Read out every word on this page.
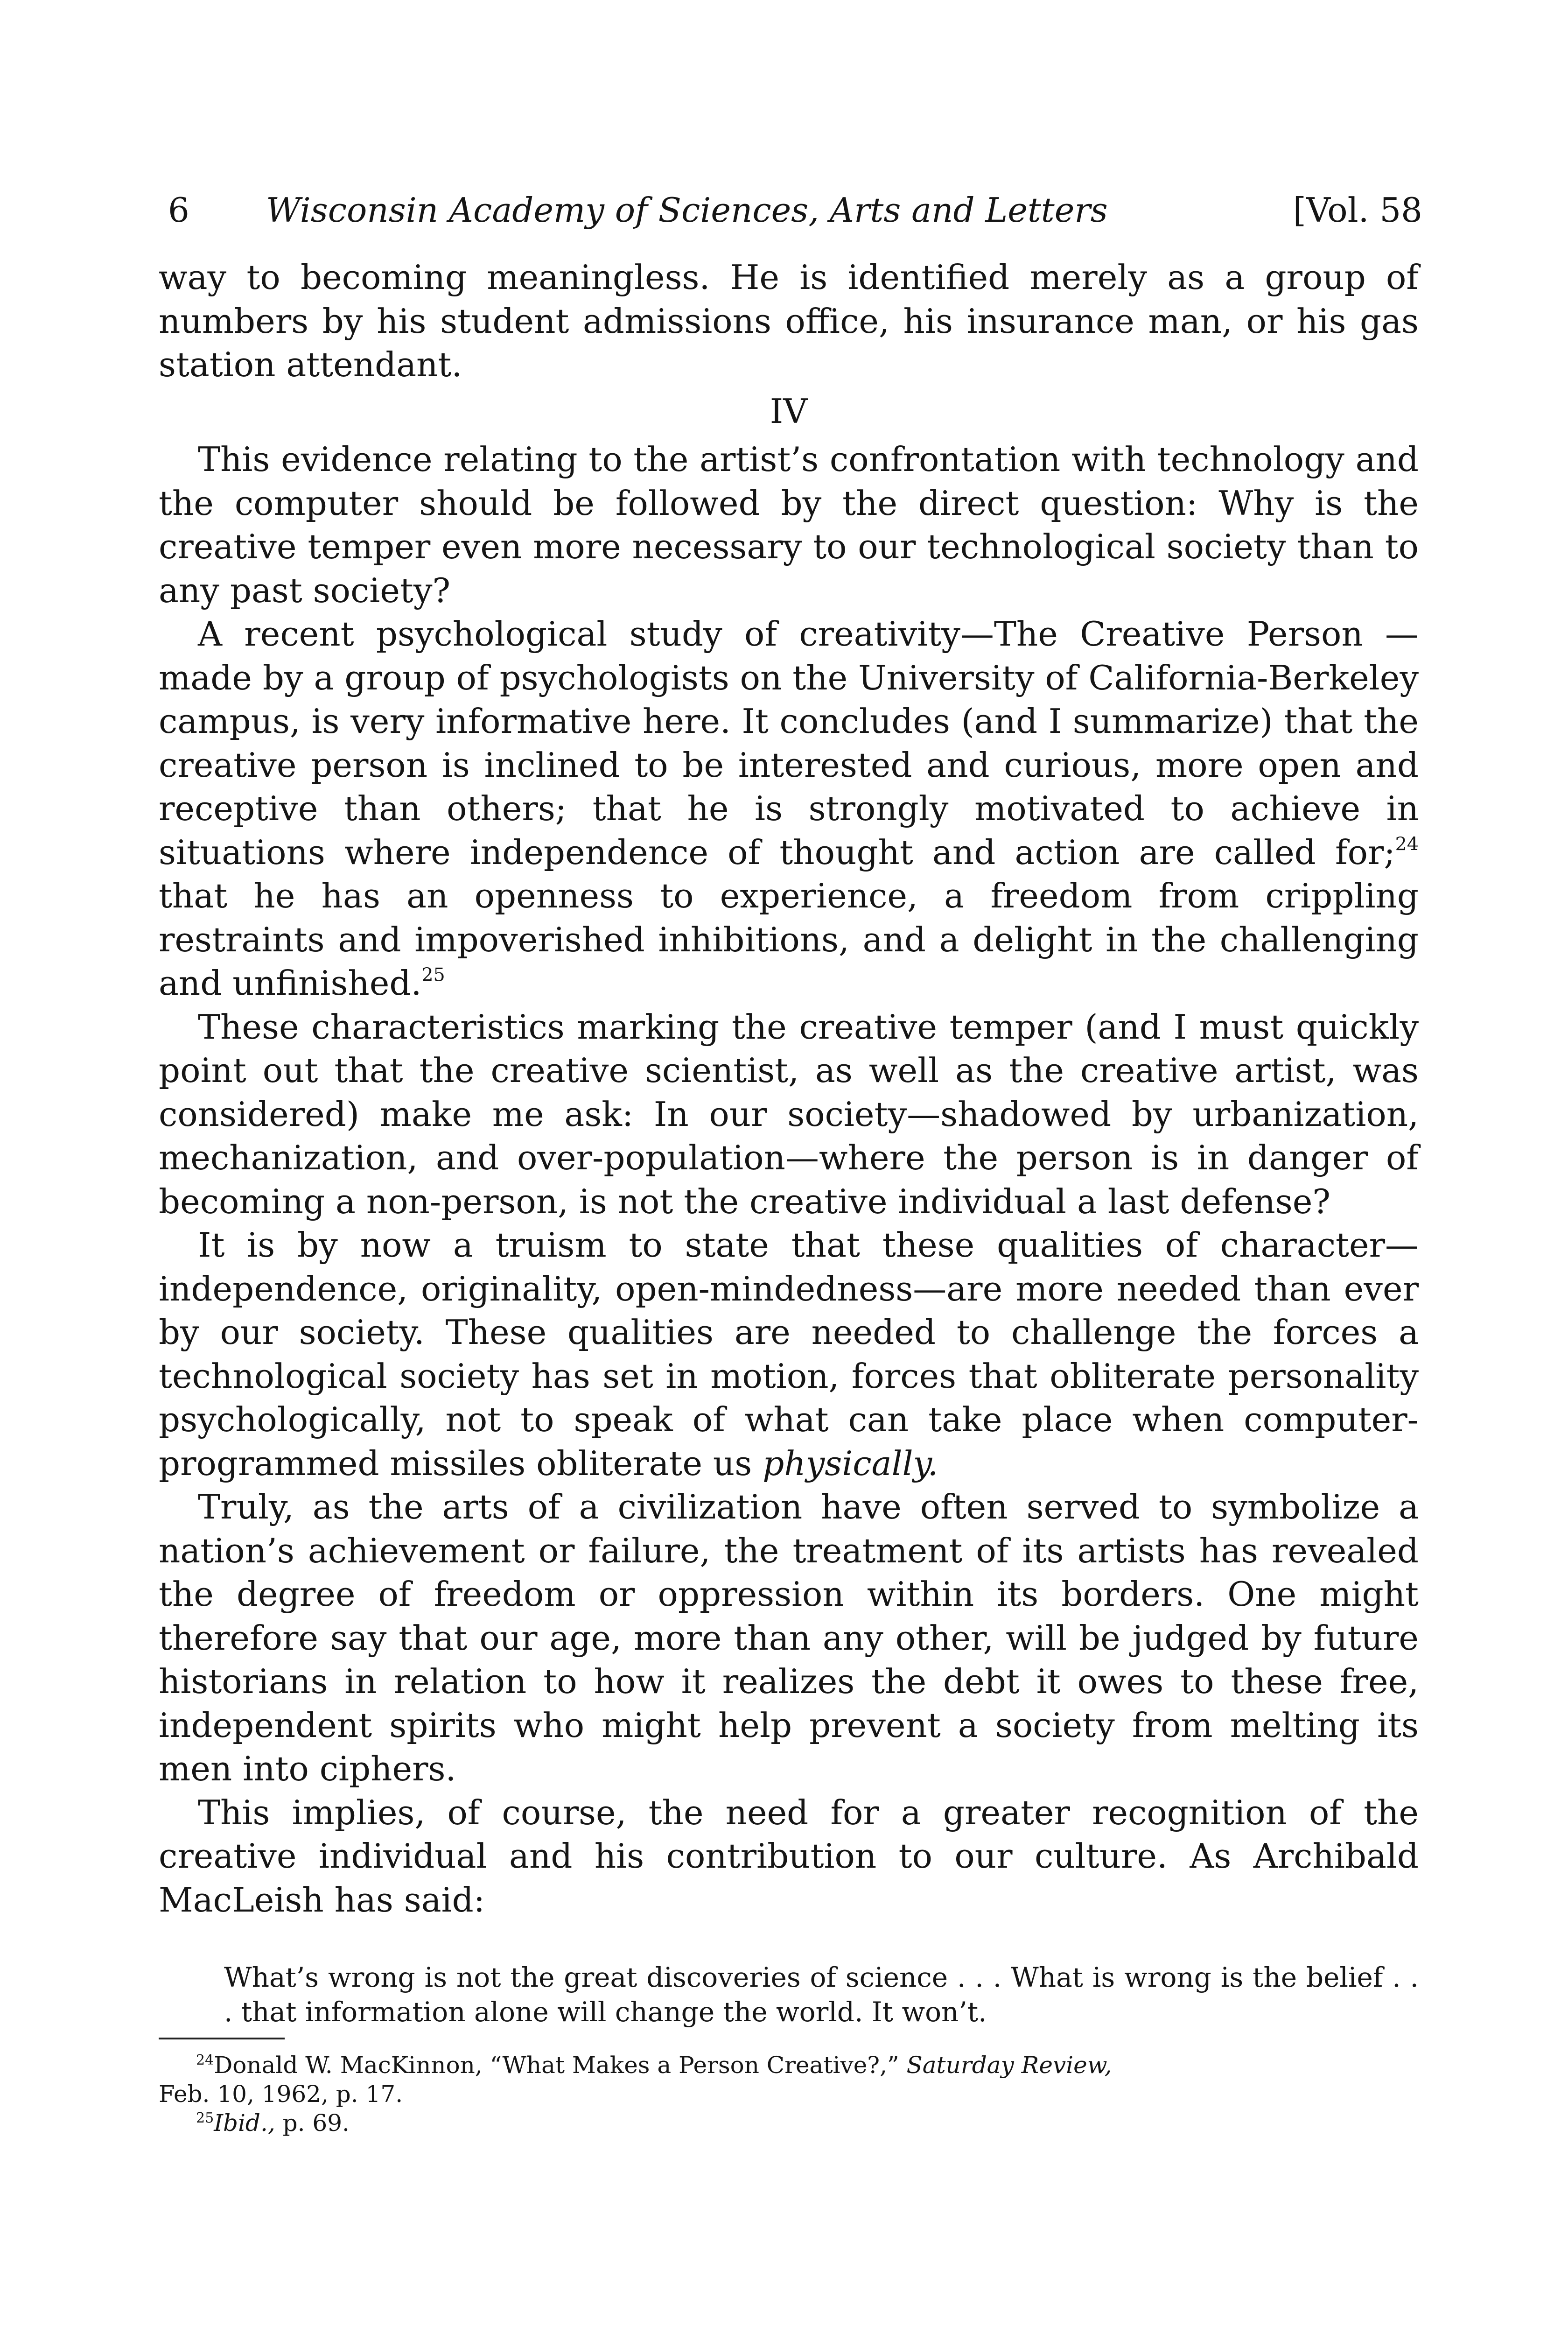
6 Wisconsin Academy of Sciences, Arts and Letters	[Vol. 58

way to becoming meaningless. He is identified merely as a group of numbers by his student admissions office, his insurance man, or his gas station attendant.

IV

This evidence relating to the artist’s confrontation with technology and the computer should be followed by the direct question: Why is the creative temper even more necessary to our technological society than to any past society?

A recent psychological study of creativity—The Creative Person —made by a group of psychologists on the University of California-Berkeley campus, is very informative here. It concludes (and I summarize) that the creative person is inclined to be interested and curious, more open and receptive than others; that he is strongly motivated to achieve in situations where independence of thought and action are called for;$^{24}$ that he has an openness to experience, a freedom from crippling restraints and impoverished inhibitions, and a delight in the challenging and unfinished.$^{25}$

These characteristics marking the creative temper (and I must quickly point out that the creative scientist, as well as the creative artist, was considered) make me ask: In our society—shadowed by urbanization, mechanization, and over-population—where the person is in danger of becoming a non-person, is not the creative individual a last defense?

It is by now a truism to state that these qualities of character—independence, originality, open-mindedness—are more needed than ever by our society. These qualities are needed to challenge the forces a technological society has set in motion, forces that obliterate personality psychologically, not to speak of what can take place when computer-programmed missiles obliterate us physically.

Truly, as the arts of a civilization have often served to symbolize a nation’s achievement or failure, the treatment of its artists has revealed the degree of freedom or oppression within its borders. One might therefore say that our age, more than any other, will be judged by future historians in relation to how it realizes the debt it owes to these free, independent spirits who might help prevent a society from melting its men into ciphers.

This implies, of course, the need for a greater recognition of the creative individual and his contribution to our culture. As Archibald MacLeish has said:

What’s wrong is not the great discoveries of science . . . What is wrong is the belief . . . that information alone will change the world. It won’t.

$^{24}$Donald W. MacKinnon, “What Makes a Person Creative?,” Saturday Review,

Feb. 10, 1962, p. 17.

$^{25}$Ibid., p. 69.
